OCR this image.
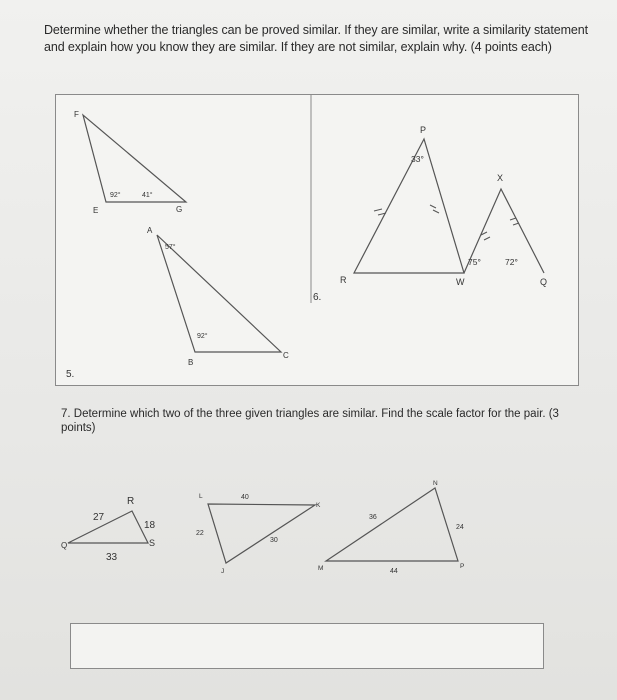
Determine whether the triangles can be proved similar. If they are similar, write a similarity statement and explain how you know they are similar. If they are not similar, explain why. (4 points each)
F
E	G
92°	41°
A
B
C
57°
92°
5.
P
X
R	W	Q
33°
75°	72°
6.
7. Determine which two of the three given triangles are similar. Find the scale factor for the pair. (3 points)
R
Q	S
27
18
33
L
K
J
40
22
30
N
M	P
36
24
44
